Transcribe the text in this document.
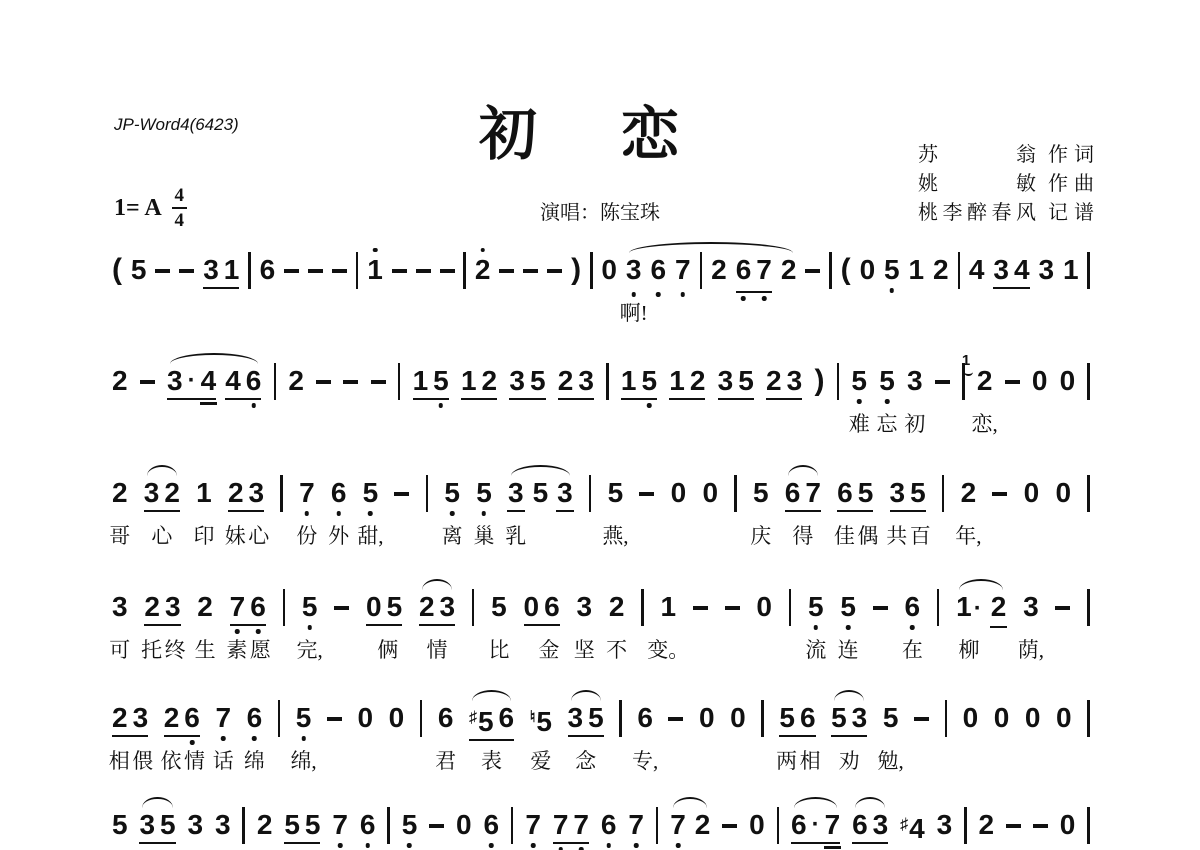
JP-Word4(6423)	初恋
1= A $\frac{4}{4}$	演唱：陈宝珠
苏翁 作词
姚敏 作曲
桃李醉春风 记谱
( 5 3 1 6	1	2	) 0 3 6 7 2 6 7 2 ( 0 5 1 2 4 3 4 3 1
2 3 · 4 4 6 2	1 5 1 2 3 5 2 3 1 5 1 2 3 5 2 3 ) 5 5 3 2
1
0 0
2 3 2 1 2 3 7 6 5 5 5 3 5 3 5 0 0 5 6 7 6 5 3 5 2 0 0
3 2 3 2 7 6 5 0 5 2 3 5 0 6 3 2 1	0 5 5 6 1· 2 3
2 3 2 6 7 6 5 0 0 6 ♯5 6 ♮5 3 5 6 0 0 5 6 5 3 5 0 0 0 0
5 3 5 3 3 2 5 5 7 6 5 0 6 7 7 7 6 7 7 2 0 6 · 7 6 3 ♯4 3 2 0
啊!
难 忘 初 恋,
哥 心 印 妹 心 份 外 甜,	离 巢 乳	燕,	庆 得 佳 偶 共 百 年,
可 托 终 生 素 愿 完,	俩 情 比 金 坚 不 变。	流 连 在 柳 荫,
相 偎 依 情 话 绵 绵,	君 表 爱 念 专,	两 相 劝 勉,
